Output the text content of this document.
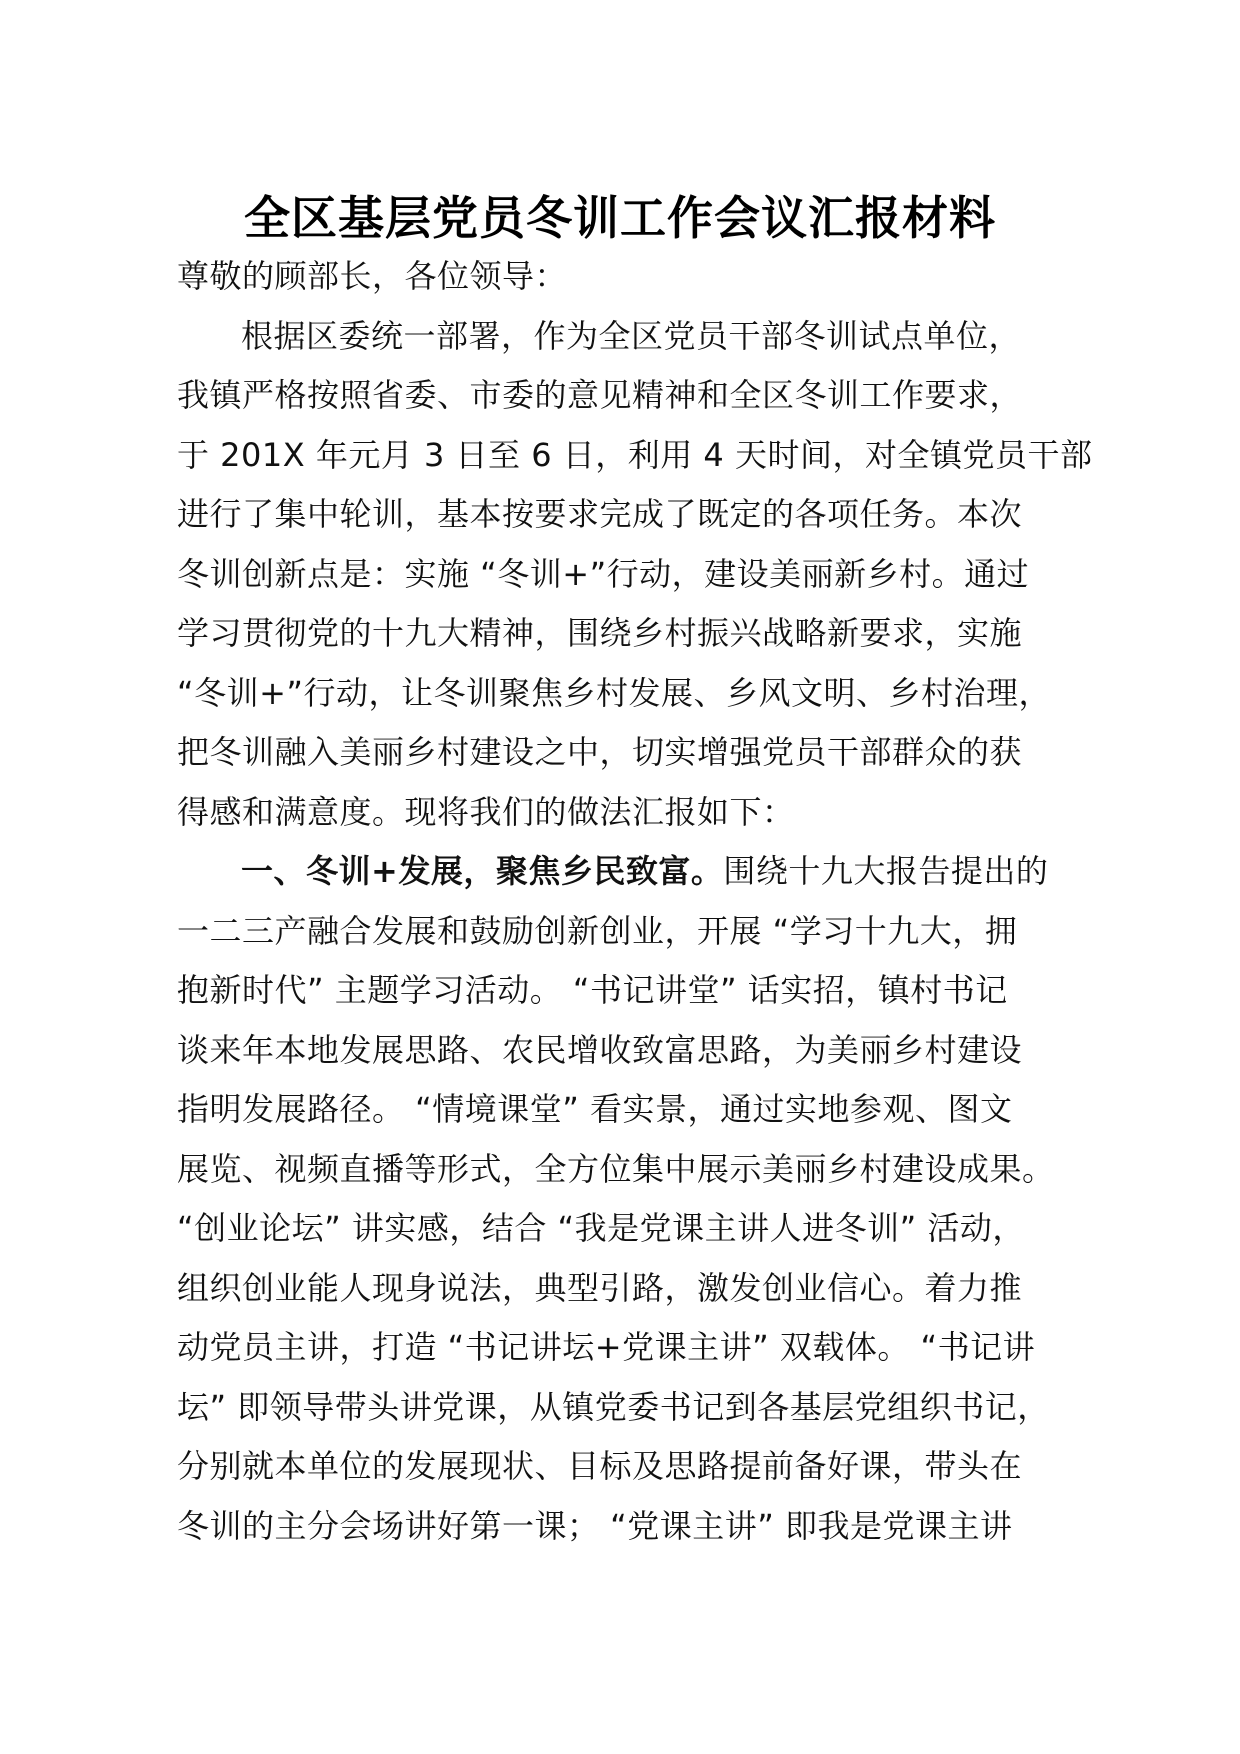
全区基层党员冬训工作会议汇报材料
尊敬的顾部长，各位领导：
根据区委统一部署，作为全区党员干部冬训试点单位，
我镇严格按照省委、市委的意见精神和全区冬训工作要求，
于 201X 年元月 3 日至 6 日，利用 4 天时间，对全镇党员干部
进行了集中轮训，基本按要求完成了既定的各项任务。本次
冬训创新点是：实施 “冬训+”行动，建设美丽新乡村。通过
学习贯彻党的十九大精神，围绕乡村振兴战略新要求，实施
“冬训+”行动，让冬训聚焦乡村发展、乡风文明、乡村治理，
把冬训融入美丽乡村建设之中，切实增强党员干部群众的获
得感和满意度。现将我们的做法汇报如下：
一、冬训+发展，聚焦乡民致富。围绕十九大报告提出的
一二三产融合发展和鼓励创新创业，开展 “学习十九大，拥
抱新时代” 主题学习活动。 “书记讲堂” 话实招，镇村书记
谈来年本地发展思路、农民增收致富思路，为美丽乡村建设
指明发展路径。 “情境课堂” 看实景，通过实地参观、图文
展览、视频直播等形式，全方位集中展示美丽乡村建设成果。
“创业论坛” 讲实感，结合 “我是党课主讲人进冬训” 活动，
组织创业能人现身说法，典型引路，激发创业信心。着力推
动党员主讲，打造 “书记讲坛+党课主讲” 双载体。 “书记讲
坛” 即领导带头讲党课，从镇党委书记到各基层党组织书记，
分别就本单位的发展现状、目标及思路提前备好课，带头在
冬训的主分会场讲好第一课； “党课主讲” 即我是党课主讲
